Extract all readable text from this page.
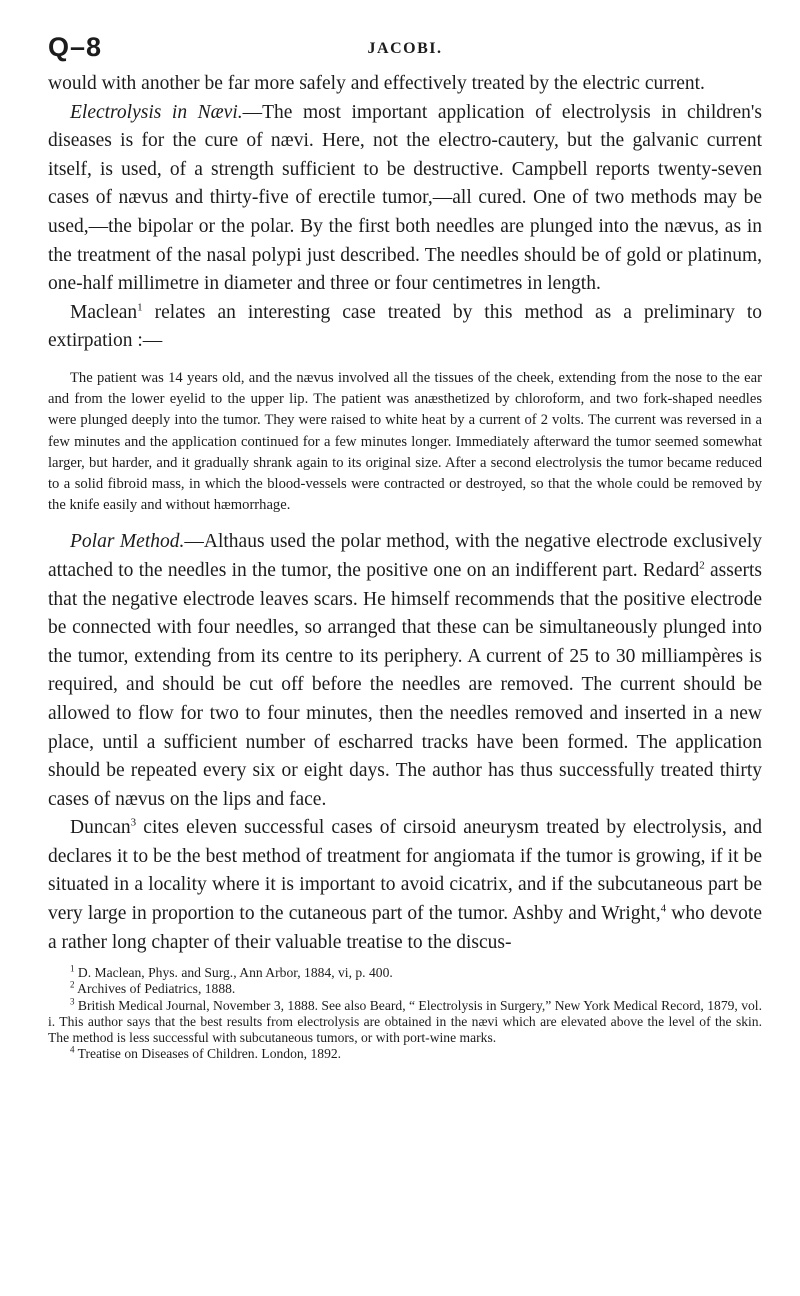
Q–8	JACOBI.

would with another be far more safely and effectively treated by the electric current.

Electrolysis in Nævi.—The most important application of electrolysis in children's diseases is for the cure of nævi. Here, not the electro-cautery, but the galvanic current itself, is used, of a strength sufficient to be destructive. Campbell reports twenty-seven cases of nævus and thirty-five of erectile tumor,—all cured. One of two methods may be used,—the bipolar or the polar. By the first both needles are plunged into the nævus, as in the treatment of the nasal polypi just described. The needles should be of gold or platinum, one-half millimetre in diameter and three or four centimetres in length.

Maclean$^1$ relates an interesting case treated by this method as a preliminary to extirpation :—

The patient was 14 years old, and the nævus involved all the tissues of the cheek, extending from the nose to the ear and from the lower eyelid to the upper lip. The patient was anæsthetized by chloroform, and two fork-shaped needles were plunged deeply into the tumor. They were raised to white heat by a current of 2 volts. The current was reversed in a few minutes and the application continued for a few minutes longer. Immediately afterward the tumor seemed somewhat larger, but harder, and it gradually shrank again to its original size. After a second electrolysis the tumor became reduced to a solid fibroid mass, in which the blood-vessels were contracted or destroyed, so that the whole could be removed by the knife easily and without hæmorrhage.

Polar Method.—Althaus used the polar method, with the negative electrode exclusively attached to the needles in the tumor, the positive one on an indifferent part. Redard$^2$ asserts that the negative electrode leaves scars. He himself recommends that the positive electrode be connected with four needles, so arranged that these can be simultaneously plunged into the tumor, extending from its centre to its periphery. A current of 25 to 30 milliampères is required, and should be cut off before the needles are removed. The current should be allowed to flow for two to four minutes, then the needles removed and inserted in a new place, until a sufficient number of escharred tracks have been formed. The application should be repeated every six or eight days. The author has thus successfully treated thirty cases of nævus on the lips and face.

Duncan$^3$ cites eleven successful cases of cirsoid aneurysm treated by electrolysis, and declares it to be the best method of treatment for angiomata if the tumor is growing, if it be situated in a locality where it is important to avoid cicatrix, and if the subcutaneous part be very large in proportion to the cutaneous part of the tumor. Ashby and Wright,$^4$ who devote a rather long chapter of their valuable treatise to the discus-

$^1$ D. Maclean, Phys. and Surg., Ann Arbor, 1884, vi, p. 400.

$^2$ Archives of Pediatrics, 1888.

$^3$ British Medical Journal, November 3, 1888. See also Beard, “ Electrolysis in Surgery,” New York Medical Record, 1879, vol. i. This author says that the best results from electrolysis are obtained in the nævi which are elevated above the level of the skin. The method is less successful with subcutaneous tumors, or with port-wine marks.

$^4$ Treatise on Diseases of Children. London, 1892.
